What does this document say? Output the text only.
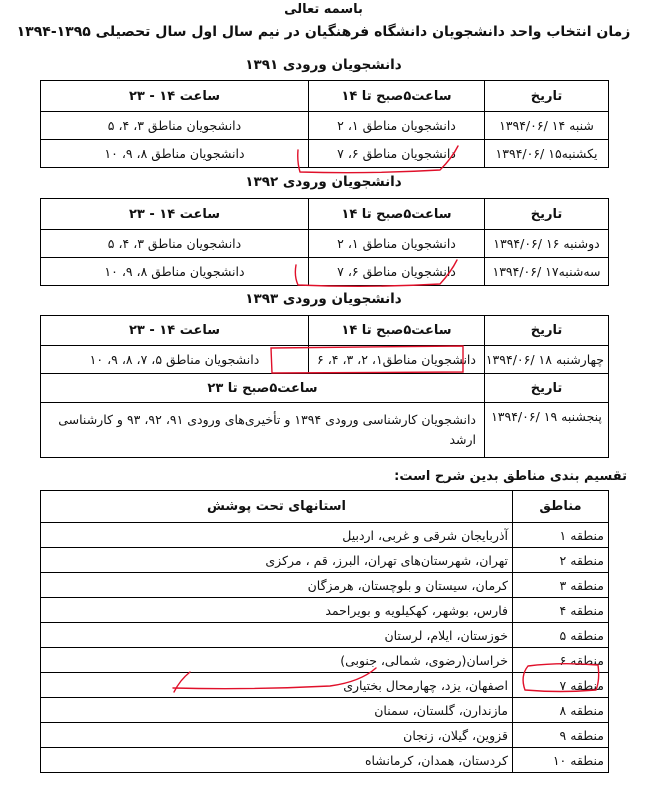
باسمه تعالی
زمان انتخاب واحد دانشجویان دانشگاه فرهنگیان در نیم سال اول سال تحصیلی ۱۳۹۵-۱۳۹۴
دانشجویان ورودی ۱۳۹۱
تاریخ	ساعت۵صبح تا ۱۴	ساعت ۱۴ - ۲۳
شنبه ۱۴ /۱۳۹۴/۰۶	دانشجویان مناطق ۱، ۲	دانشجویان مناطق ۳، ۴، ۵
یکشنبه۱۵ /۱۳۹۴/۰۶	دانشجویان مناطق ۶، ۷	دانشجویان مناطق ۸، ۹، ۱۰
دانشجویان ورودی ۱۳۹۲
تاریخ	ساعت۵صبح تا ۱۴	ساعت ۱۴ - ۲۳
دوشنبه ۱۶ /۱۳۹۴/۰۶	دانشجویان مناطق ۱، ۲	دانشجویان مناطق ۳، ۴، ۵
سه‌شنبه۱۷ /۱۳۹۴/۰۶	دانشجویان مناطق ۶، ۷	دانشجویان مناطق ۸، ۹، ۱۰
دانشجویان ورودی ۱۳۹۳
تاریخ	ساعت۵صبح تا ۱۴	ساعت ۱۴ - ۲۳
چهارشنبه ۱۸ /۱۳۹۴/۰۶	دانشجویان مناطق۱، ۲، ۳، ۴، ۶	دانشجویان مناطق ۵، ۷، ۸، ۹، ۱۰
تاریخ	ساعت۵صبح تا ۲۳	
پنجشنبه ۱۹ /۱۳۹۴/۰۶	دانشجویان کارشناسی ورودی ۱۳۹۴ و تأخیری‌های ورودی ۹۱، ۹۲، ۹۳ و کارشناسی ارشد	
تقسیم بندی مناطق بدین شرح است:
مناطق	استانهای تحت پوشش
منطقه ۱	آذربایجان شرقی و غربی، اردبیل
منطقه ۲	تهران، شهرستان‌های تهران، البرز، قم ، مرکزی
منطقه ۳	کرمان، سیستان و بلوچستان، هرمزگان
منطقه ۴	فارس، بوشهر، کهکیلویه و بویراحمد
منطقه ۵	خوزستان، ایلام، لرستان
منطقه ۶	خراسان(رضوی، شمالی، جنوبی)
منطقه ۷	اصفهان، یزد، چهارمحال بختیاری
منطقه ۸	مازندارن، گلستان، سمنان
منطقه ۹	قزوین، گیلان، زنجان
منطقه ۱۰	کردستان، همدان، کرمانشاه
